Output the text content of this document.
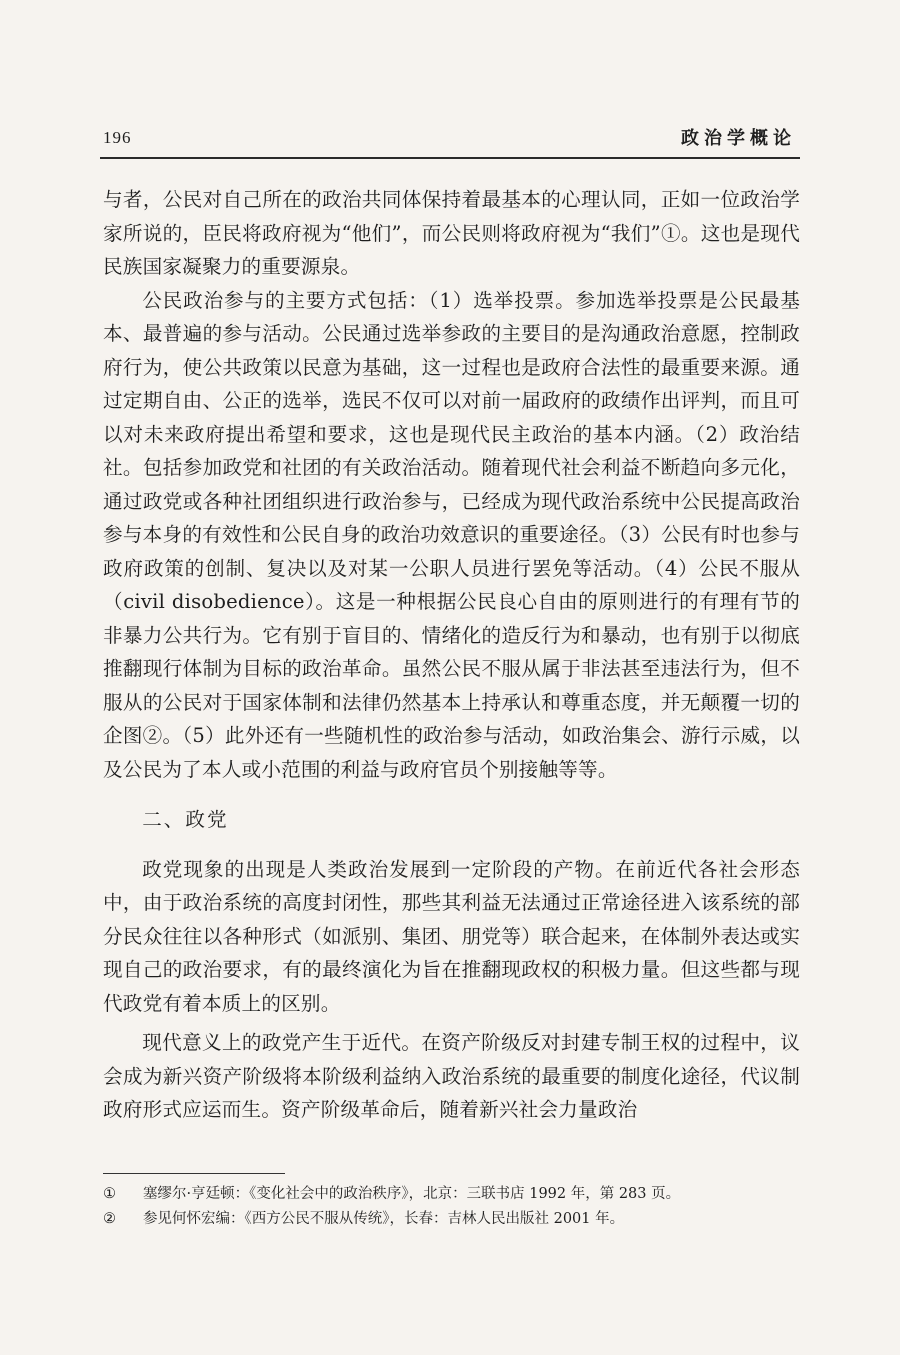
196	政治学概论

与者，公民对自己所在的政治共同体保持着最基本的心理认同，正如一位政治学家所说的，臣民将政府视为“他们”，而公民则将政府视为“我们”①。这也是现代民族国家凝聚力的重要源泉。

公民政治参与的主要方式包括：（1）选举投票。参加选举投票是公民最基本、最普遍的参与活动。公民通过选举参政的主要目的是沟通政治意愿，控制政府行为，使公共政策以民意为基础，这一过程也是政府合法性的最重要来源。通过定期自由、公正的选举，选民不仅可以对前一届政府的政绩作出评判，而且可以对未来政府提出希望和要求，这也是现代民主政治的基本内涵。（2）政治结社。包括参加政党和社团的有关政治活动。随着现代社会利益不断趋向多元化，通过政党或各种社团组织进行政治参与，已经成为现代政治系统中公民提高政治参与本身的有效性和公民自身的政治功效意识的重要途径。（3）公民有时也参与政府政策的创制、复决以及对某一公职人员进行罢免等活动。（4）公民不服从（civil disobedience）。这是一种根据公民良心自由的原则进行的有理有节的非暴力公共行为。它有别于盲目的、情绪化的造反行为和暴动，也有别于以彻底推翻现行体制为目标的政治革命。虽然公民不服从属于非法甚至违法行为，但不服从的公民对于国家体制和法律仍然基本上持承认和尊重态度，并无颠覆一切的企图②。（5）此外还有一些随机性的政治参与活动，如政治集会、游行示威，以及公民为了本人或小范围的利益与政府官员个别接触等等。

二、政党

政党现象的出现是人类政治发展到一定阶段的产物。在前近代各社会形态中，由于政治系统的高度封闭性，那些其利益无法通过正常途径进入该系统的部分民众往往以各种形式（如派别、集团、朋党等）联合起来，在体制外表达或实现自己的政治要求，有的最终演化为旨在推翻现政权的积极力量。但这些都与现代政党有着本质上的区别。

现代意义上的政党产生于近代。在资产阶级反对封建专制王权的过程中，议会成为新兴资产阶级将本阶级利益纳入政治系统的最重要的制度化途径，代议制政府形式应运而生。资产阶级革命后，随着新兴社会力量政治

①	塞缪尔·亨廷顿：《变化社会中的政治秩序》，北京：三联书店 1992 年，第 283 页。
②	参见何怀宏编：《西方公民不服从传统》，长春：吉林人民出版社 2001 年。
